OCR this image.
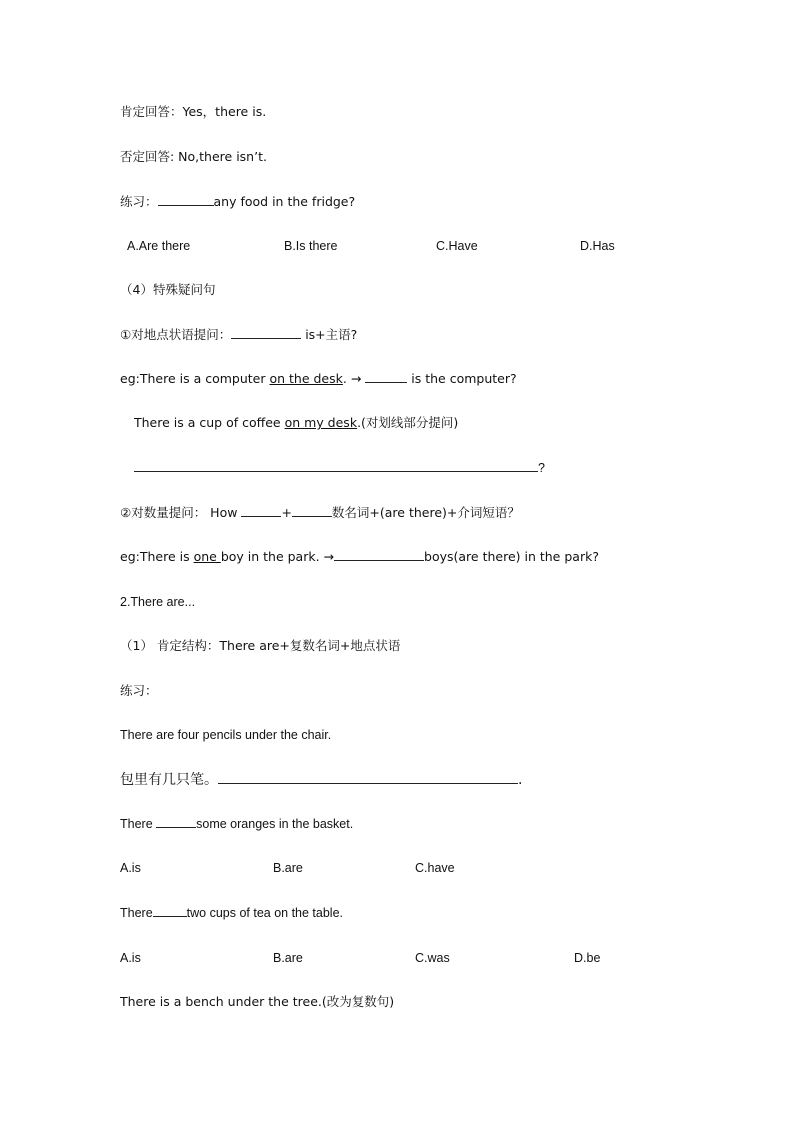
肯定回答：Yes，there is.
否定回答: No,there isn’t.
练习：	any food in the fridge?
A.Are there	B.Is there	C.Have	D.Has
（4）特殊疑问句
①对地点状语提问：	is+主语?
eg:There is a computer on the desk. →	is the computer?
There is a cup of coffee on my desk.(对划线部分提问)
?
②对数量提问： How	+	数名词+(are there)+介词短语？
eg:There is one boy in the park. →	boys(are there) in the park?
2.There are...
（1） 肯定结构：There are+复数名词+地点状语
练习：
There are four pencils under the chair.
包里有几只笔。	.
There	some oranges in the basket.
A.is	B.are	C.have
There	two cups of tea on the table.
A.is	B.are	C.was	D.be
There is a bench under the tree.(改为复数句)
